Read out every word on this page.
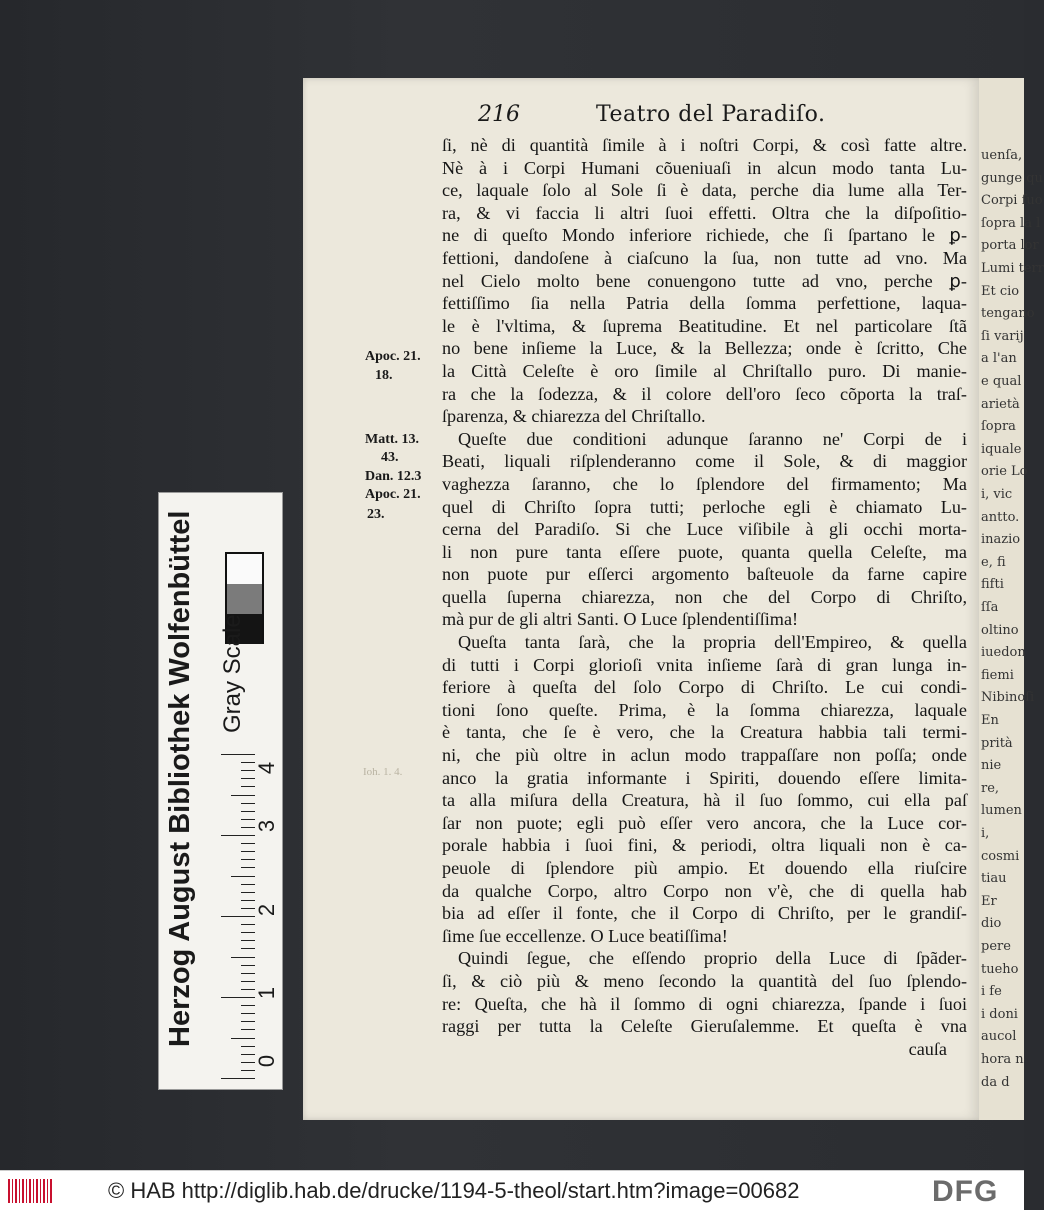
uenſa,
gunge qu
Corpi ſuo
ſopra la l
porta lor
Lumi terr
Et cio
tengano
ſi varij
a l'an
e qual
arietà
ſopra
iquale
orie Lo
i, vic
antto.
inazio
e, fi
fifti
ſſa
oltino
iuedon
fiemi
Nibinoſi
En
prità
nie
re,
lumen
i,
cosmi
tiau
Er
dio
pere
tueho
i fe
i doni
aucol
hora n
da d
216	Teatro del Paradiſo.
Apoc. 21.
18.
Matt. 13.
43.
Dan. 12.3
Apoc. 21.
23.
Ioh. 1. 4.
ſi, nè di quantità ſimile à i noſtri Corpi, & così fatte altre.
Nè à i Corpi Humani cõueniuaſi in alcun modo tanta Lu-
ce, laquale ſolo al Sole ſi è data, perche dia lume alla Ter-
ra, & vi faccia li altri ſuoi effetti. Oltra che la diſpoſitio-
ne di queſto Mondo inferiore richiede, che ſi ſpartano le ꝑ-
fettioni, dandoſene à ciaſcuno la ſua, non tutte ad vno. Ma
nel Cielo molto bene conuengono tutte ad vno, perche ꝑ-
fettiſſimo ſia nella Patria della ſomma perfettione, laqua-
le è l'vltima, & ſuprema Beatitudine. Et nel particolare ſtã
no bene inſieme la Luce, & la Bellezza; onde è ſcritto, Che
la Città Celeſte è oro ſimile al Chriſtallo puro. Di manie-
ra che la ſodezza, & il colore dell'oro ſeco cõporta la traſ-
ſparenza, & chiarezza del Chriſtallo.
Queſte due conditioni adunque ſaranno ne' Corpi de i
Beati, liquali riſplenderanno come il Sole, & di maggior
vaghezza ſaranno, che lo ſplendore del firmamento; Ma
quel di Chriſto ſopra tutti; perloche egli è chiamato Lu-
cerna del Paradiſo. Si che Luce viſibile à gli occhi morta-
li non pure tanta eſſere puote, quanta quella Celeſte, ma
non puote pur eſſerci argomento baſteuole da farne capire
quella ſuperna chiarezza, non che del Corpo di Chriſto,
mà pur de gli altri Santi. O Luce ſplendentiſſima!
Queſta tanta ſarà, che la propria dell'Empireo, & quella
di tutti i Corpi glorioſi vnita inſieme ſarà di gran lunga in-
feriore à queſta del ſolo Corpo di Chriſto. Le cui condi-
tioni ſono queſte. Prima, è la ſomma chiarezza, laquale
è tanta, che ſe è vero, che la Creatura habbia tali termi-
ni, che più oltre in aclun modo trappaſſare non poſſa; onde
anco la gratia informante i Spiriti, douendo eſſere limita-
ta alla miſura della Creatura, hà il ſuo ſommo, cui ella paſ
ſar non puote; egli può eſſer vero ancora, che la Luce cor-
porale habbia i ſuoi fini, & periodi, oltra liquali non è ca-
peuole di ſplendore più ampio. Et douendo ella riuſcire
da qualche Corpo, altro Corpo non v'è, che di quella hab
bia ad eſſer il fonte, che il Corpo di Chriſto, per le grandiſ-
ſime ſue eccellenze. O Luce beatiſſima!
Quindi ſegue, che eſſendo proprio della Luce di ſpãder-
ſi, & ciò più & meno ſecondo la quantità del ſuo ſplendo-
re: Queſta, che hà il ſommo di ogni chiarezza, ſpande i ſuoi
raggi per tutta la Celeſte Gieruſalemme. Et queſta è vna
cauſa
Herzog August Bibliothek Wolfenbüttel Gray Scale
0
1
2
3
4
© HAB http://diglib.hab.de/drucke/1194-5-theol/start.htm?image=00682	DFG
